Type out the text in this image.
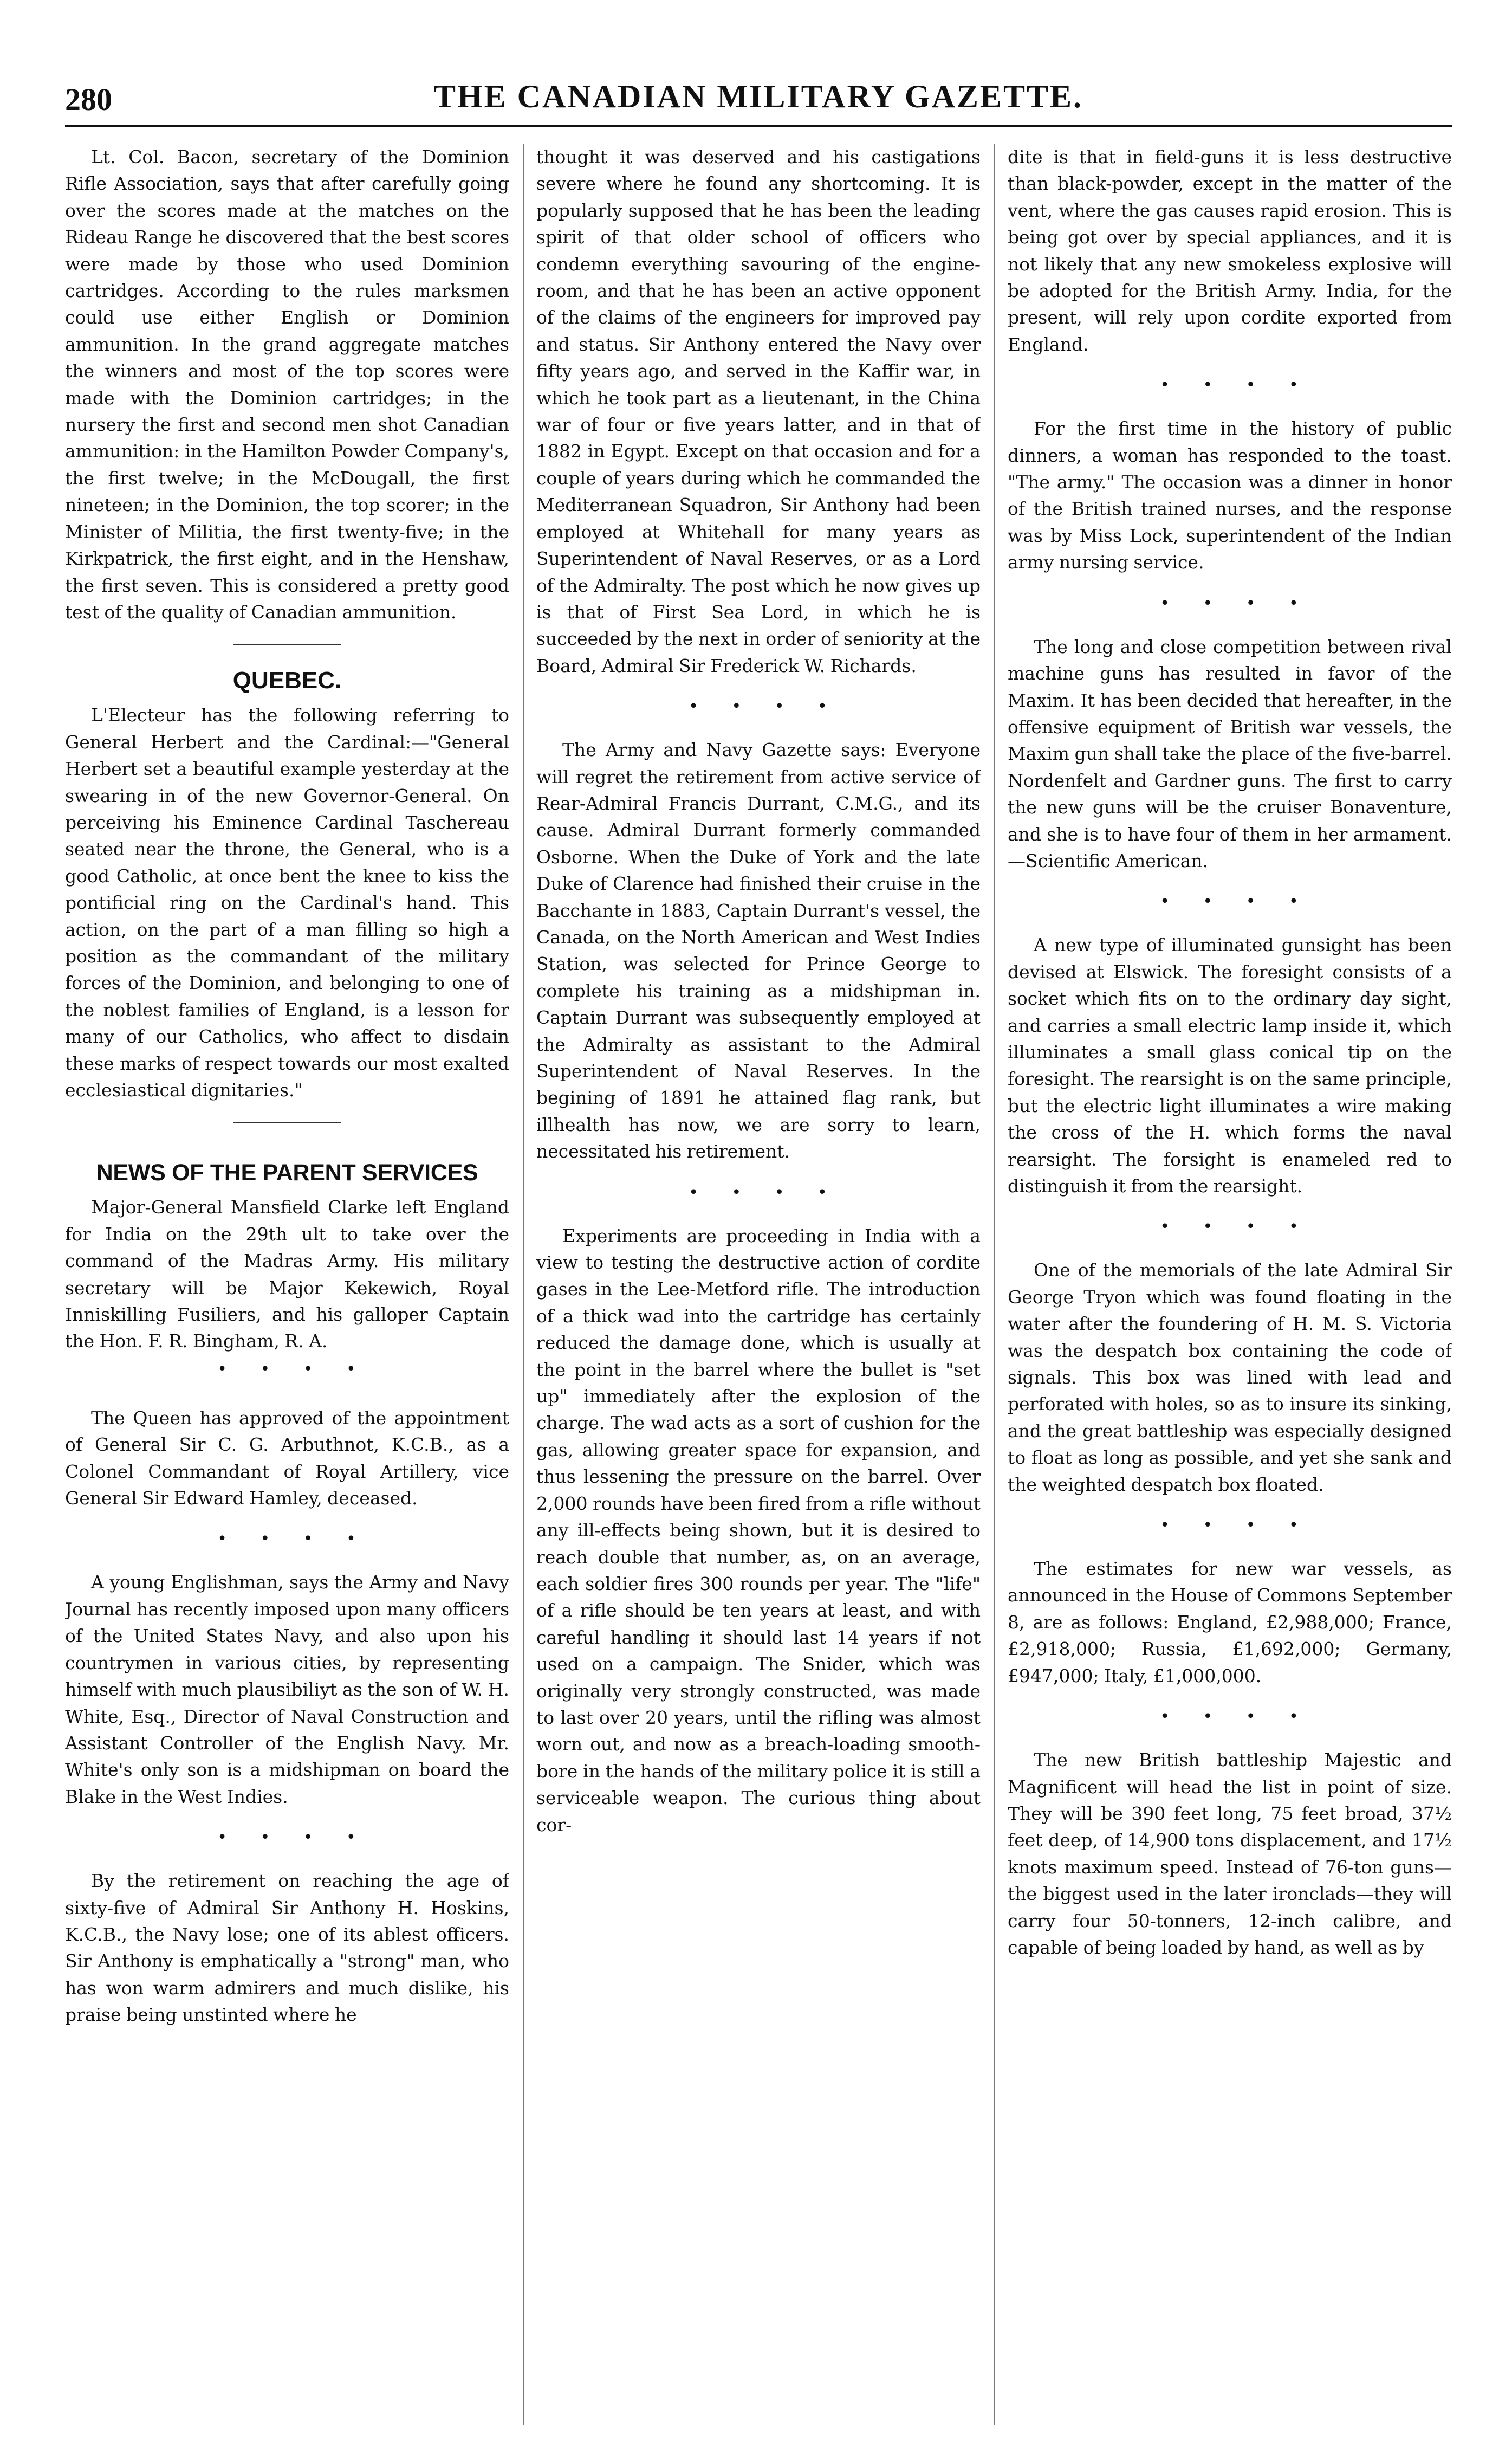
280	THE CANADIAN MILITARY GAZETTE.

Lt. Col. Bacon, secretary of the Dominion Rifle Association, says that after carefully going over the scores made at the matches on the Rideau Range he discovered that the best scores were made by those who used Dominion cartridges. According to the rules marksmen could use either English or Dominion ammunition. In the grand aggregate matches the winners and most of the top scores were made with the Dominion cartridges; in the nursery the first and second men shot Canadian ammunition: in the Hamilton Powder Company's, the first twelve; in the McDougall, the first nineteen; in the Dominion, the top scorer; in the Minister of Militia, the first twenty-five; in the Kirkpatrick, the first eight, and in the Henshaw, the first seven. This is considered a pretty good test of the quality of Canadian ammunition.

QUEBEC.

L'Electeur has the following referring to General Herbert and the Cardinal:—"General Herbert set a beautiful example yesterday at the swearing in of the new Governor-General. On perceiving his Eminence Cardinal Taschereau seated near the throne, the General, who is a good Catholic, at once bent the knee to kiss the pontificial ring on the Cardinal's hand. This action, on the part of a man filling so high a position as the commandant of the military forces of the Dominion, and belonging to one of the noblest families of England, is a lesson for many of our Catholics, who affect to disdain these marks of respect towards our most exalted ecclesiastical dignitaries."

NEWS OF THE PARENT SERVICES

Major-General Mansfield Clarke left England for India on the 29th ult to take over the command of the Madras Army. His military secretary will be Major Kekewich, Royal Inniskilling Fusiliers, and his galloper Captain the Hon. F. R. Bingham, R. A.

• • • •

The Queen has approved of the appointment of General Sir C. G. Arbuthnot, K.C.B., as a Colonel Commandant of Royal Artillery, vice General Sir Edward Hamley, deceased.

• • • •

A young Englishman, says the Army and Navy Journal has recently imposed upon many officers of the United States Navy, and also upon his countrymen in various cities, by representing himself with much plausibiliyt as the son of W. H. White, Esq., Director of Naval Construction and Assistant Controller of the English Navy. Mr. White's only son is a midshipman on board the Blake in the West Indies.

• • • •

By the retirement on reaching the age of sixty-five of Admiral Sir Anthony H. Hoskins, K.C.B., the Navy lose; one of its ablest officers. Sir Anthony is emphatically a "strong" man, who has won warm admirers and much dislike, his praise being unstinted where he

thought it was deserved and his castigations severe where he found any shortcoming. It is popularly supposed that he has been the leading spirit of that older school of officers who condemn everything savouring of the engine-room, and that he has been an active opponent of the claims of the engineers for improved pay and status. Sir Anthony entered the Navy over fifty years ago, and served in the Kaffir war, in which he took part as a lieutenant, in the China war of four or five years latter, and in that of 1882 in Egypt. Except on that occasion and for a couple of years during which he commanded the Mediterranean Squadron, Sir Anthony had been employed at Whitehall for many years as Superintendent of Naval Reserves, or as a Lord of the Admiralty. The post which he now gives up is that of First Sea Lord, in which he is succeeded by the next in order of seniority at the Board, Admiral Sir Frederick W. Richards.

• • • •

The Army and Navy Gazette says: Everyone will regret the retirement from active service of Rear-Admiral Francis Durrant, C.M.G., and its cause. Admiral Durrant formerly commanded Osborne. When the Duke of York and the late Duke of Clarence had finished their cruise in the Bacchante in 1883, Captain Durrant's vessel, the Canada, on the North American and West Indies Station, was selected for Prince George to complete his training as a midshipman in. Captain Durrant was subsequently employed at the Admiralty as assistant to the Admiral Superintendent of Naval Reserves. In the begining of 1891 he attained flag rank, but illhealth has now, we are sorry to learn, necessitated his retirement.

• • • •

Experiments are proceeding in India with a view to testing the destructive action of cordite gases in the Lee-Metford rifle. The introduction of a thick wad into the cartridge has certainly reduced the damage done, which is usually at the point in the barrel where the bullet is "set up" immediately after the explosion of the charge. The wad acts as a sort of cushion for the gas, allowing greater space for expansion, and thus lessening the pressure on the barrel. Over 2,000 rounds have been fired from a rifle without any ill-effects being shown, but it is desired to reach double that number, as, on an average, each soldier fires 300 rounds per year. The "life" of a rifle should be ten years at least, and with careful handling it should last 14 years if not used on a campaign. The Snider, which was originally very strongly constructed, was made to last over 20 years, until the rifling was almost worn out, and now as a breach-loading smooth-bore in the hands of the military police it is still a serviceable weapon. The curious thing about cor-

dite is that in field-guns it is less destructive than black-powder, except in the matter of the vent, where the gas causes rapid erosion. This is being got over by special appliances, and it is not likely that any new smokeless explosive will be adopted for the British Army. India, for the present, will rely upon cordite exported from England.

• • • •

For the first time in the history of public dinners, a woman has responded to the toast. "The army." The occasion was a dinner in honor of the British trained nurses, and the response was by Miss Lock, superintendent of the Indian army nursing service.

• • • •

The long and close competition between rival machine guns has resulted in favor of the Maxim. It has been decided that hereafter, in the offensive equipment of British war vessels, the Maxim gun shall take the place of the five-barrel. Nordenfelt and Gardner guns. The first to carry the new guns will be the cruiser Bonaventure, and she is to have four of them in her armament.—Scientific American.

• • • •

A new type of illuminated gunsight has been devised at Elswick. The foresight consists of a socket which fits on to the ordinary day sight, and carries a small electric lamp inside it, which illuminates a small glass conical tip on the foresight. The rearsight is on the same principle, but the electric light illuminates a wire making the cross of the H. which forms the naval rearsight. The forsight is enameled red to distinguish it from the rearsight.

• • • •

One of the memorials of the late Admiral Sir George Tryon which was found floating in the water after the foundering of H. M. S. Victoria was the despatch box containing the code of signals. This box was lined with lead and perforated with holes, so as to insure its sinking, and the great battleship was especially designed to float as long as possible, and yet she sank and the weighted despatch box floated.

• • • •

The estimates for new war vessels, as announced in the House of Commons September 8, are as follows: England, £2,988,000; France, £2,918,000; Russia, £1,692,000; Germany, £947,000; Italy, £1,000,000.

• • • •

The new British battleship Majestic and Magnificent will head the list in point of size. They will be 390 feet long, 75 feet broad, 37½ feet deep, of 14,900 tons displacement, and 17½ knots maximum speed. Instead of 76-ton guns—the biggest used in the later ironclads—they will carry four 50-tonners, 12-inch calibre, and capable of being loaded by hand, as well as by
